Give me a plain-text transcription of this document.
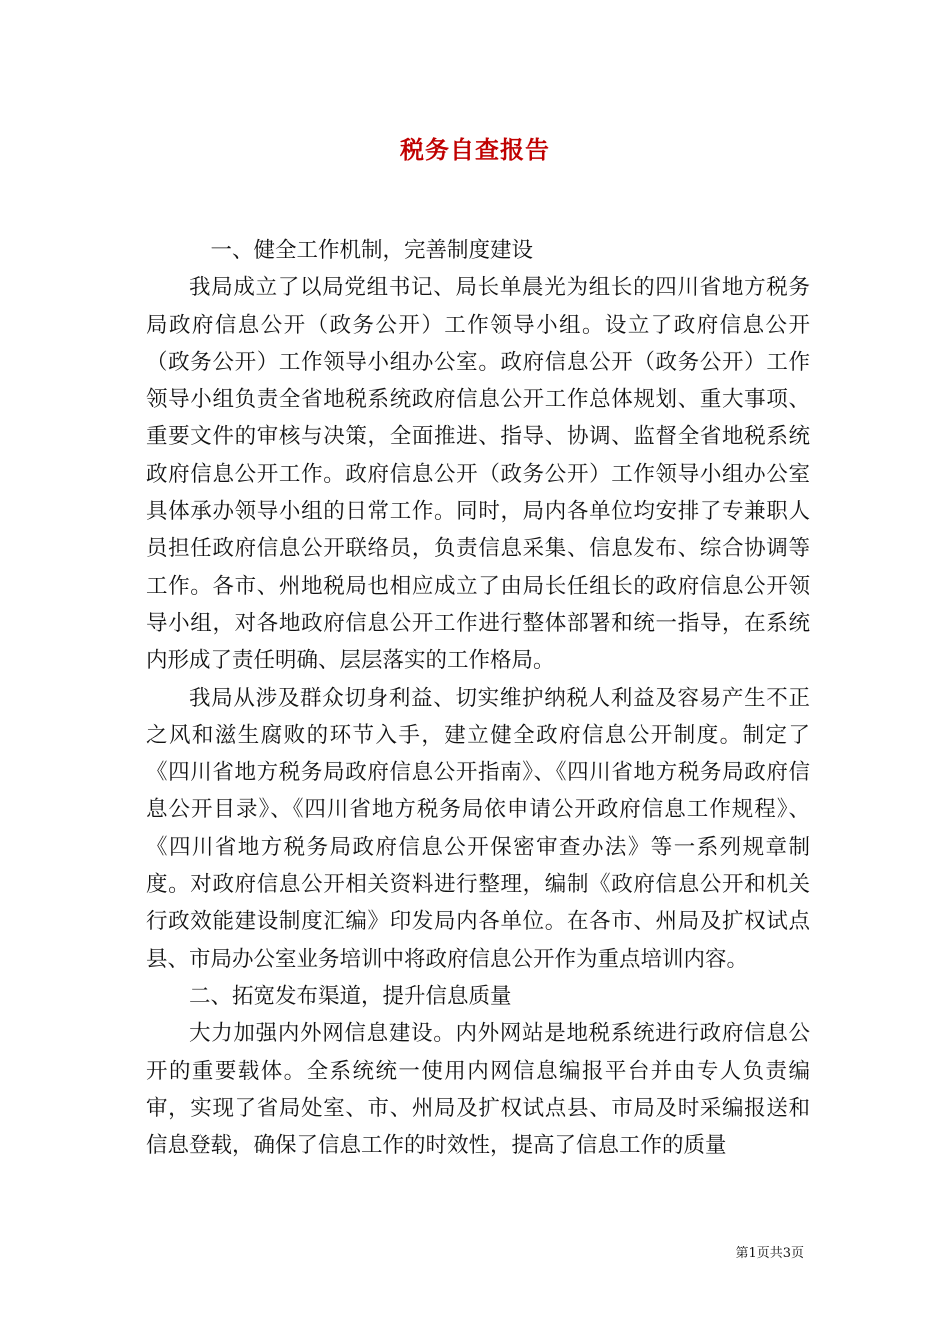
税务自查报告

一、健全工作机制，完善制度建设

我局成立了以局党组书记、局长单晨光为组长的四川省地方税务局政府信息公开（政务公开）工作领导小组。设立了政府信息公开（政务公开）工作领导小组办公室。政府信息公开（政务公开）工作领导小组负责全省地税系统政府信息公开工作总体规划、重大事项、重要文件的审核与决策，全面推进、指导、协调、监督全省地税系统政府信息公开工作。政府信息公开（政务公开）工作领导小组办公室具体承办领导小组的日常工作。同时，局内各单位均安排了专兼职人员担任政府信息公开联络员，负责信息采集、信息发布、综合协调等工作。各市、州地税局也相应成立了由局长任组长的政府信息公开领导小组，对各地政府信息公开工作进行整体部署和统一指导，在系统内形成了责任明确、层层落实的工作格局。

我局从涉及群众切身利益、切实维护纳税人利益及容易产生不正之风和滋生腐败的环节入手，建立健全政府信息公开制度。制定了《四川省地方税务局政府信息公开指南》、《四川省地方税务局政府信息公开目录》、《四川省地方税务局依申请公开政府信息工作规程》、《四川省地方税务局政府信息公开保密审查办法》等一系列规章制度。对政府信息公开相关资料进行整理，编制《政府信息公开和机关行政效能建设制度汇编》印发局内各单位。在各市、州局及扩权试点县、市局办公室业务培训中将政府信息公开作为重点培训内容。

二、拓宽发布渠道，提升信息质量

大力加强内外网信息建设。内外网站是地税系统进行政府信息公开的重要载体。全系统统一使用内网信息编报平台并由专人负责编审，实现了省局处室、市、州局及扩权试点县、市局及时采编报送和信息登载，确保了信息工作的时效性，提高了信息工作的质量

第1页共3页
